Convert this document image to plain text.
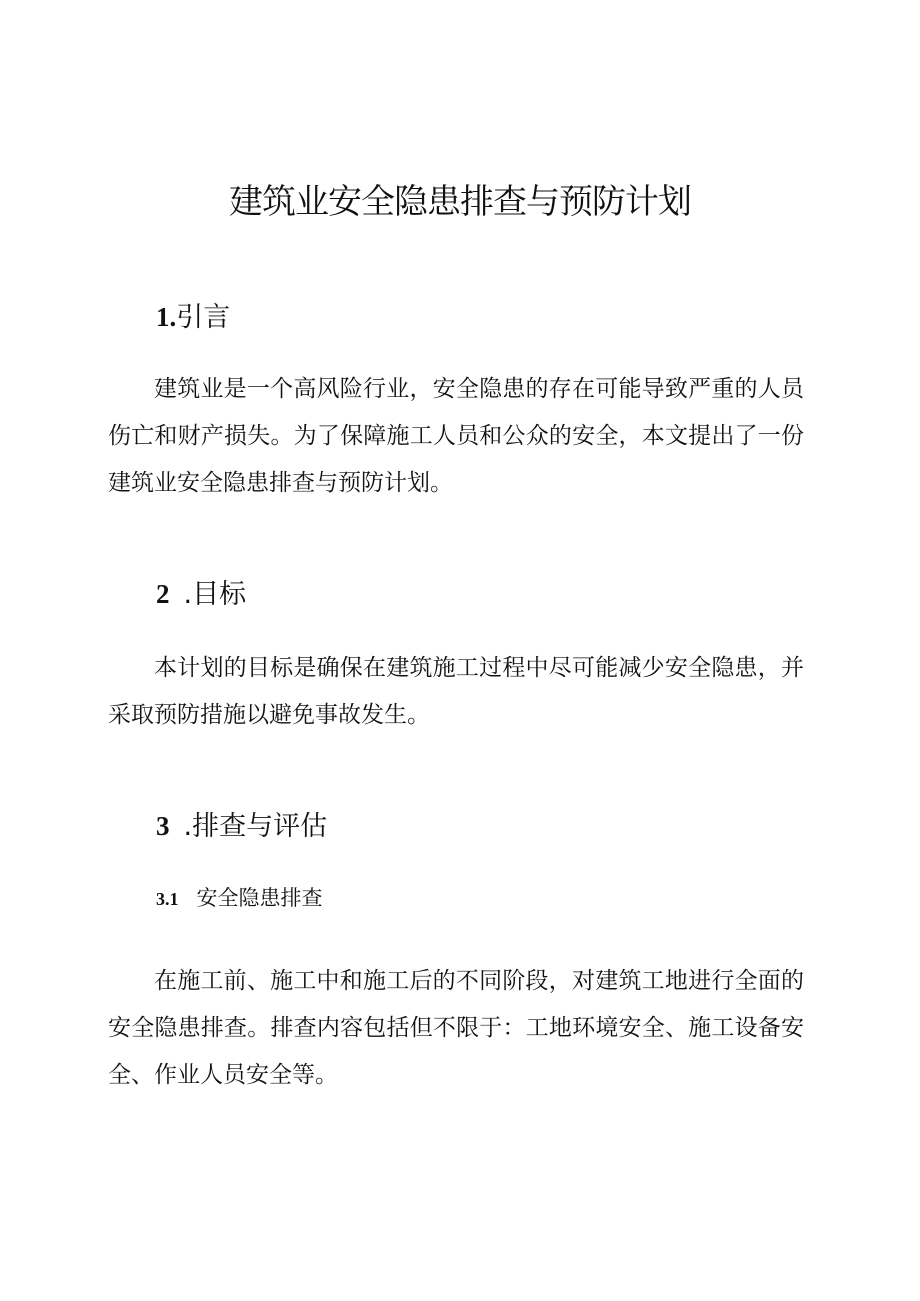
建筑业安全隐患排查与预防计划
1.引言

建筑业是一个高风险行业，安全隐患的存在可能导致严重的人员
伤亡和财产损失。为了保障施工人员和公众的安全，本文提出了一份
建筑业安全隐患排查与预防计划。

2 .目标

本计划的目标是确保在建筑施工过程中尽可能减少安全隐患，并
采取预防措施以避免事故发生。

3 .排查与评估
3.1 安全隐患排查

在施工前、施工中和施工后的不同阶段，对建筑工地进行全面的
安全隐患排查。排查内容包括但不限于：工地环境安全、施工设备安
全、作业人员安全等。
